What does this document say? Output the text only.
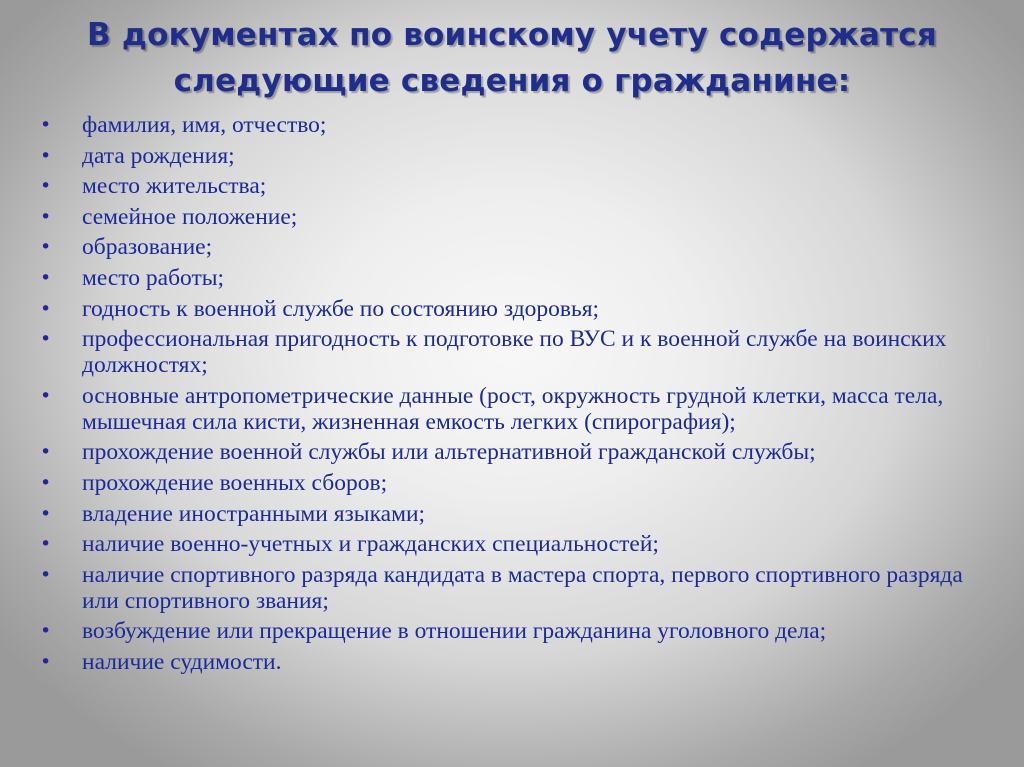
В документах по воинскому учету содержатся
следующие сведения о гражданине:
• фамилия, имя, отчество;
• дата рождения;
• место жительства;
• семейное положение;
• образование;
• место работы;
• годность к военной службе по состоянию здоровья;
• профессиональная пригодность к подготовке по ВУС и к военной службе на воинских должностях;
• основные антропометрические данные (рост, окружность грудной клетки, масса тела, мышечная сила кисти, жизненная емкость легких (спирография);
• прохождение военной службы или альтернативной гражданской службы;
• прохождение военных сборов;
• владение иностранными языками;
• наличие военно-учетных и гражданских специальностей;
• наличие спортивного разряда кандидата в мастера спорта, первого спортивного разряда или спортивного звания;
• возбуждение или прекращение в отношении гражданина уголовного дела;
• наличие судимости.
